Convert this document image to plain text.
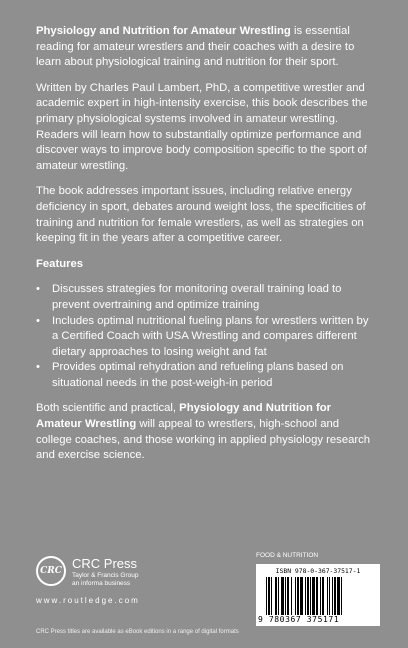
Physiology and Nutrition for Amateur Wrestling is essential reading for amateur wrestlers and their coaches with a desire to learn about physiological training and nutrition for their sport.

Written by Charles Paul Lambert, PhD, a competitive wrestler and academic expert in high-intensity exercise, this book describes the primary physiological systems involved in amateur wrestling. Readers will learn how to substantially optimize performance and discover ways to improve body composition specific to the sport of amateur wrestling.

The book addresses important issues, including relative energy deficiency in sport, debates around weight loss, the specificities of training and nutrition for female wrestlers, as well as strategies on keeping fit in the years after a competitive career.

Features

• Discusses strategies for monitoring overall training load to prevent overtraining and optimize training
• Includes optimal nutritional fueling plans for wrestlers written by a Certified Coach with USA Wrestling and compares different dietary approaches to losing weight and fat
• Provides optimal rehydration and refueling plans based on situational needs in the post-weigh-in period

Both scientific and practical, Physiology and Nutrition for Amateur Wrestling will appeal to wrestlers, high-school and college coaches, and those working in applied physiology research and exercise science.

CRC CRC Press
Taylor & Francis Group
an informa business
www.routledge.com
CRC Press titles are available as eBook editions in a range of digital formats
FOOD & NUTRITION
ISBN 978-0-367-37517-1
9 780367 375171
